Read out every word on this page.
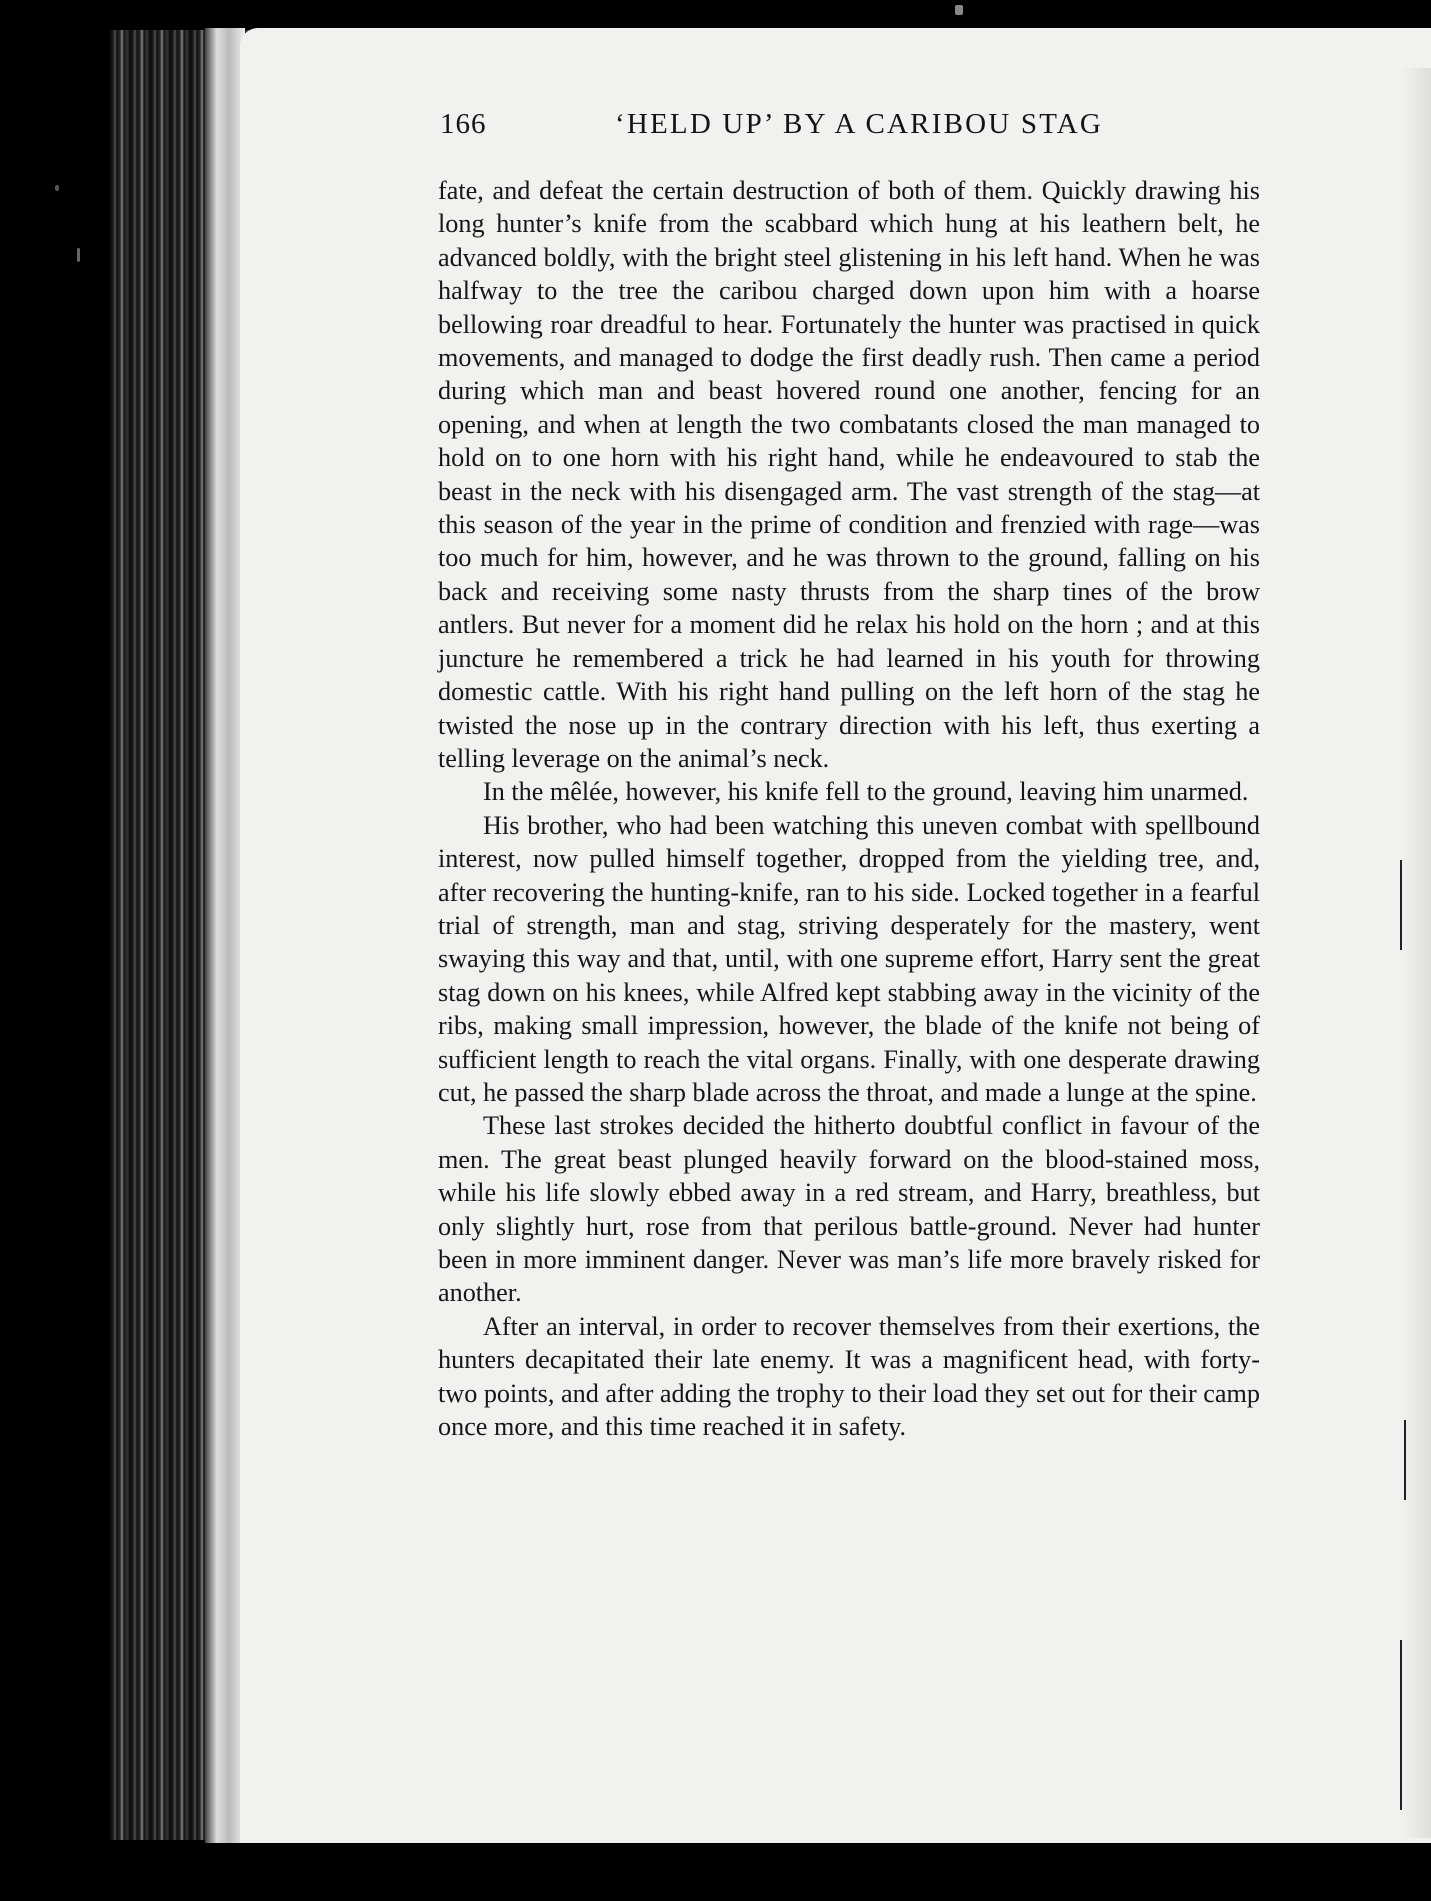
166	‘HELD UP’ BY A CARIBOU STAG

fate, and defeat the certain destruction of both of them. Quickly drawing his long hunter’s knife from the scabbard which hung at his leathern belt, he advanced boldly, with the bright steel glistening in his left hand. When he was halfway to the tree the caribou charged down upon him with a hoarse bellowing roar dreadful to hear. Fortunately the hunter was practised in quick movements, and managed to dodge the first deadly rush. Then came a period during which man and beast hovered round one another, fencing for an opening, and when at length the two combatants closed the man managed to hold on to one horn with his right hand, while he endeavoured to stab the beast in the neck with his disengaged arm. The vast strength of the stag—at this season of the year in the prime of condition and frenzied with rage—was too much for him, however, and he was thrown to the ground, falling on his back and receiving some nasty thrusts from the sharp tines of the brow antlers. But never for a moment did he relax his hold on the horn ; and at this juncture he remembered a trick he had learned in his youth for throwing domestic cattle. With his right hand pulling on the left horn of the stag he twisted the nose up in the contrary direction with his left, thus exerting a telling leverage on the animal’s neck.

In the mêlée, however, his knife fell to the ground, leaving him unarmed.

His brother, who had been watching this uneven combat with spellbound interest, now pulled himself together, dropped from the yielding tree, and, after recovering the hunting-knife, ran to his side. Locked together in a fearful trial of strength, man and stag, striving desperately for the mastery, went swaying this way and that, until, with one supreme effort, Harry sent the great stag down on his knees, while Alfred kept stabbing away in the vicinity of the ribs, making small impression, however, the blade of the knife not being of sufficient length to reach the vital organs. Finally, with one desperate drawing cut, he passed the sharp blade across the throat, and made a lunge at the spine.

These last strokes decided the hitherto doubtful conflict in favour of the men. The great beast plunged heavily forward on the blood-stained moss, while his life slowly ebbed away in a red stream, and Harry, breathless, but only slightly hurt, rose from that perilous battle-ground. Never had hunter been in more imminent danger. Never was man’s life more bravely risked for another.

After an interval, in order to recover themselves from their exertions, the hunters decapitated their late enemy. It was a magnificent head, with forty-two points, and after adding the trophy to their load they set out for their camp once more, and this time reached it in safety.
